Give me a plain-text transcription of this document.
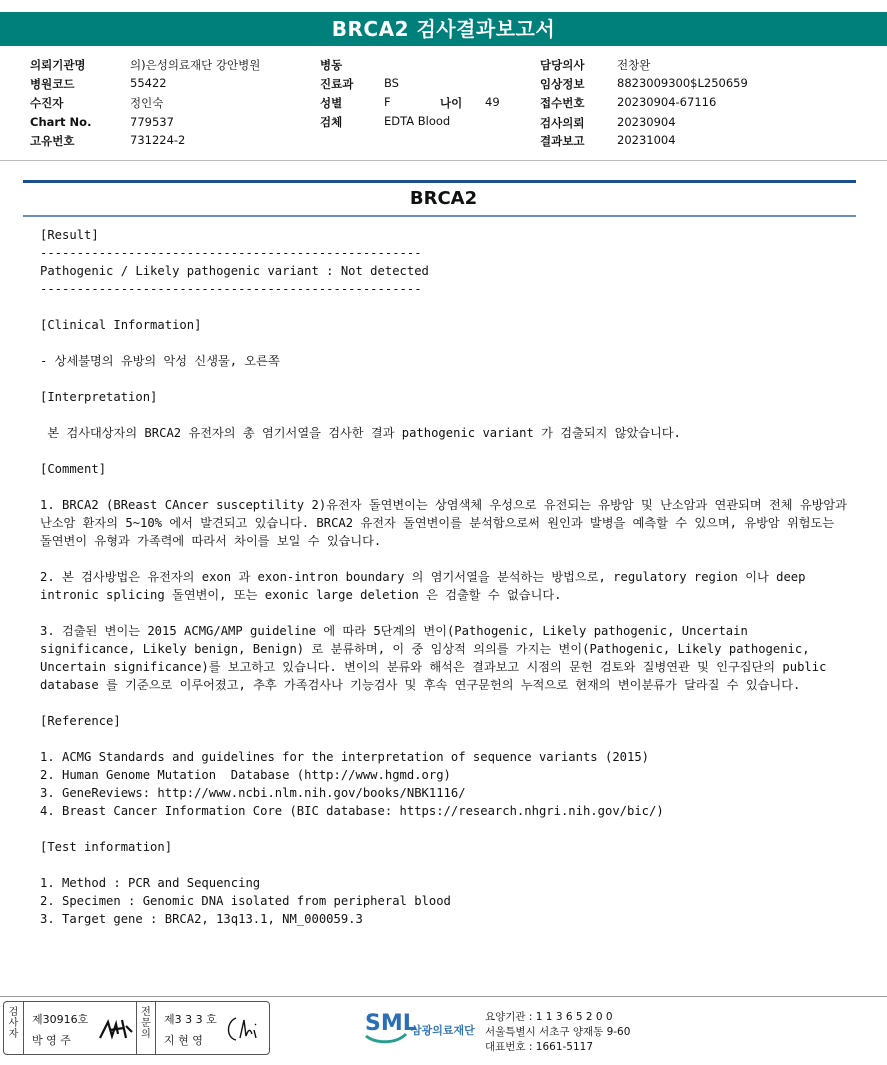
BRCA2 검사결과보고서
의뢰기관명	의)은성의료재단 강안병원
병원코드	55422
수진자	정인숙
Chart No.	779537
고유번호	731224-2
병동
진료과	BS
성별	F	나이 49
검체	EDTA Blood
담당의사	전창완
임상정보	8823009300$L250659
접수번호	20230904-67116
검사의뢰	20230904
결과보고	20231004
BRCA2

[Result]

----------------------------------------------------

Pathogenic / Likely pathogenic variant : Not detected

----------------------------------------------------

[Clinical Information]

- 상세불명의 유방의 악성 신생물, 오른쪽

[Interpretation]

본 검사대상자의 BRCA2 유전자의 총 염기서열을 검사한 결과 pathogenic variant 가 검출되지 않았습니다.

[Comment]

1. BRCA2 (BReast CAncer susceptility 2)유전자 돌연변이는 상염색체 우성으로 유전되는 유방암 및 난소암과 연관되며 전체 유방암과 난소암 환자의 5~10% 에서 발견되고 있습니다. BRCA2 유전자 돌연변이를 분석함으로써 원인과 발병을 예측할 수 있으며, 유방암 위험도는 돌연변이 유형과 가족력에 따라서 차이를 보일 수 있습니다.

2. 본 검사방법은 유전자의 exon 과 exon-intron boundary 의 염기서열을 분석하는 방법으로, regulatory region 이나 deep intronic splicing 돌연변이, 또는 exonic large deletion 은 검출할 수 없습니다.

3. 검출된 변이는 2015 ACMG/AMP guideline 에 따라 5단계의 변이(Pathogenic, Likely pathogenic, Uncertain significance, Likely benign, Benign) 로 분류하며, 이 중 임상적 의의를 가지는 변이(Pathogenic, Likely pathogenic, Uncertain significance)를 보고하고 있습니다. 변이의 분류와 해석은 결과보고 시점의 문헌 검토와 질병연관 및 인구집단의 public database 를 기준으로 이루어졌고, 추후 가족검사나 기능검사 및 후속 연구문헌의 누적으로 현재의 변이분류가 달라질 수 있습니다.

[Reference]

1. ACMG Standards and guidelines for the interpretation of sequence variants (2015)

2. Human Genome Mutation  Database (http://www.hgmd.org)

3. GeneReviews: http://www.ncbi.nlm.nih.gov/books/NBK1116/

4. Breast Cancer Information Core (BIC database: https://research.nhgri.nih.gov/bic/)

[Test information]

1. Method : PCR and Sequencing

2. Specimen : Genomic DNA isolated from peripheral blood

3. Target gene : BRCA2, 13q13.1, NM_000059.3

검사자
제30916호
박 영 주
전문의
제3 3 3 호
지 현 영
SML
삼광의료재단
요양기관 : 1 1 3 6 5 2 0 0
서울특별시 서초구 양재동 9-60
대표번호 : 1661-5117
